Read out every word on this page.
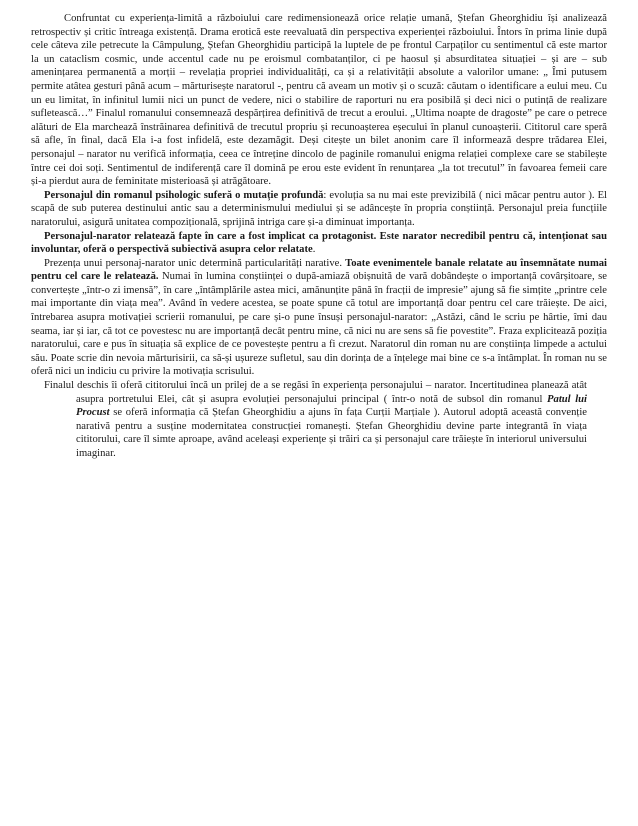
Confruntat cu experiența-limită a războiului care redimensionează orice relație umană, Ștefan Gheorghidiu își analizează retrospectiv și critic întreaga existență. Drama erotică este reevaluată din perspectiva experienței războiului. Întors în prima linie după cele câteva zile petrecute la Câmpulung, Ștefan Gheorghidiu participă la luptele de pe frontul Carpaților cu sentimentul că este martor la un cataclism cosmic, unde accentul cade nu pe eroismul combatanților, ci pe haosul și absurditatea situației – și are – sub amenințarea permanentă a morții – revelația propriei individualități, ca și a relativității absolute a valorilor umane: „ Îmi putusem permite atâtea gesturi până acum – mărturisește naratorul -, pentru că aveam un motiv și o scuză: căutam o identificare a eului meu. Cu un eu limitat, în infinitul lumii nici un punct de vedere, nici o stabilire de raporturi nu era posibilă și deci nici o putință de realizare sufletească…” Finalul romanului consemnează despărțirea definitivă de trecut a eroului. „Ultima noapte de dragoste” pe care o petrece alături de Ela marchează înstrăinarea definitivă de trecutul propriu și recunoașterea eșecului în planul cunoașterii. Cititorul care speră să afle, în final, dacă Ela i-a fost infidelă, este dezamăgit. Deși citește un bilet anonim care îl informează despre trădarea Elei, personajul – narator nu verifică informația, ceea ce întreține dincolo de paginile romanului enigma relației complexe care se stabilește între cei doi soți. Sentimentul de indiferență care îl domină pe erou este evident în renunțarea „la tot trecutul” în favoarea femeii care și-a pierdut aura de feminitate misterioasă și atrăgătoare.

Personajul din romanul psihologic suferă o mutație profundă: evoluția sa nu mai este previzibilă ( nici măcar pentru autor ). El scapă de sub puterea destinului antic sau a determinismului mediului și se adâncește în propria conștiință. Personajul preia funcțiile naratorului, asigură unitatea compozițională, sprijină intriga care și-a diminuat importanța.

Personajul-narator relatează fapte în care a fost implicat ca protagonist. Este narator necredibil pentru că, intenționat sau involuntar, oferă o perspectivă subiectivă asupra celor relatate.

Prezența unui personaj-narator unic determină particularități narative. Toate evenimentele banale relatate au însemnătate numai pentru cel care le relatează. Numai în lumina conștiinței o după-amiază obișnuită de vară dobândește o importanță covârșitoare, se convertește „într-o zi imensă”, în care „întâmplările astea mici, amănunțite până în fracții de impresie” ajung să fie simțite „printre cele mai importante din viața mea”. Având în vedere acestea, se poate spune că totul are importanță doar pentru cel care trăiește. De aici, întrebarea asupra motivației scrierii romanului, pe care și-o pune însuși personajul-narator: „Astăzi, când le scriu pe hârtie, îmi dau seama, iar și iar, că tot ce povestesc nu are importanță decât pentru mine, că nici nu are sens să fie povestite”. Fraza explicitează poziția naratorului, care e pus în situația să explice de ce povestește pentru a fi crezut. Naratorul din roman nu are conștiința limpede a actului său. Poate scrie din nevoia mărturisirii, ca să-și ușureze sufletul, sau din dorința de a înțelege mai bine ce s-a întâmplat. În roman nu se oferă nici un indiciu cu privire la motivația scrisului.

Finalul deschis îi oferă cititorului încă un prilej de a se regăsi în experiența personajului – narator. Incertitudinea planează atât asupra portretului Elei, cât și asupra evoluției personajului principal ( într-o notă de subsol din romanul Patul lui Procust se oferă informația că Ștefan Gheorghidiu a ajuns în fața Curții Marțiale ). Autorul adoptă această convenție narativă pentru a susține modernitatea construcției romanești. Ștefan Gheorghidiu devine parte integrantă în viața cititorului, care îl simte aproape, având aceleași experiențe și trăiri ca și personajul care trăiește în interiorul universului imaginar.
